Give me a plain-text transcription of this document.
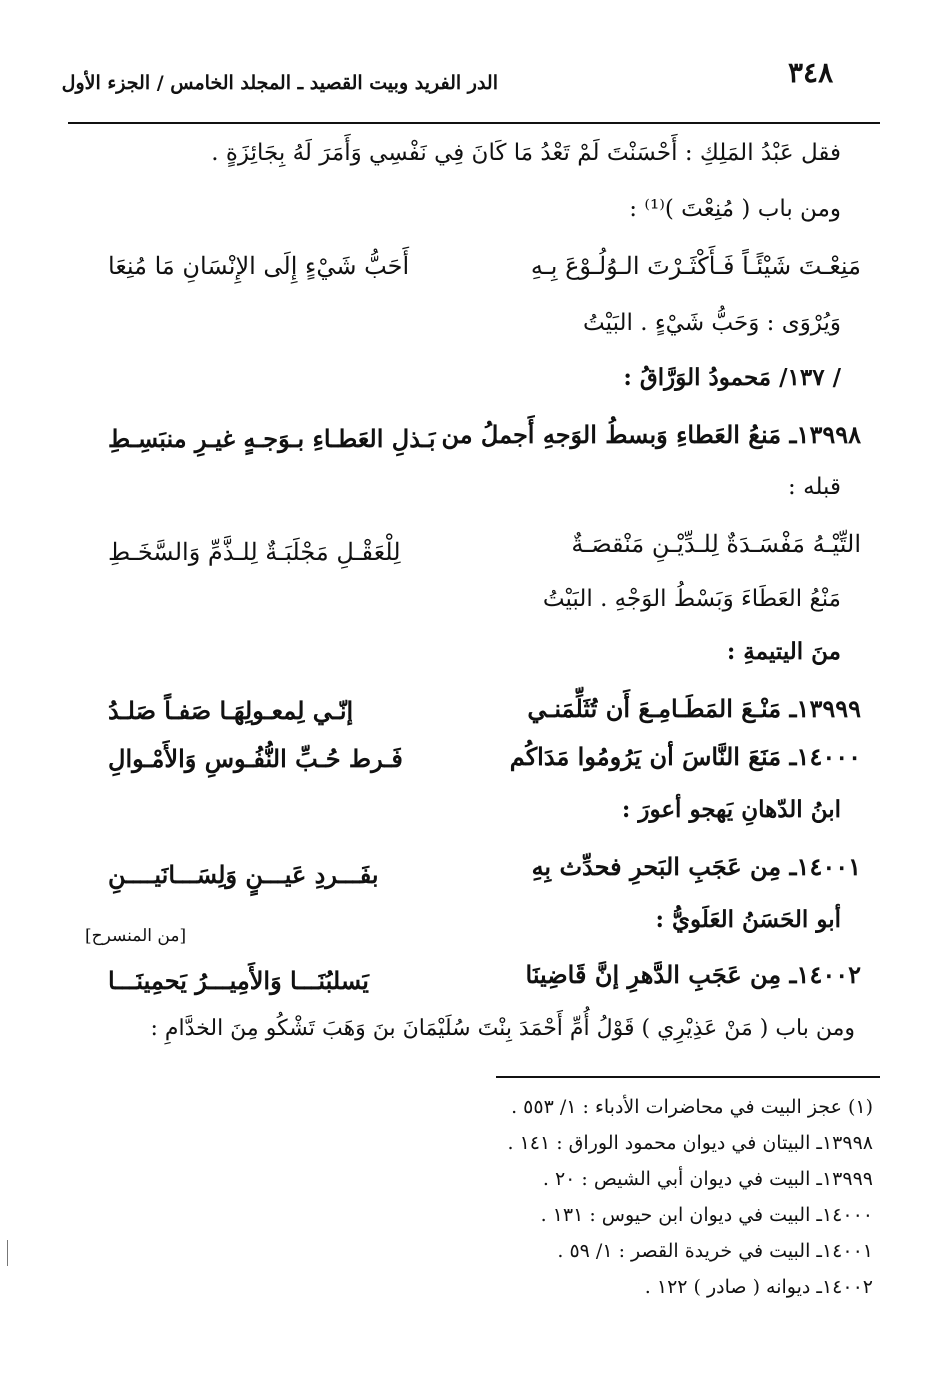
٣٤٨
الدر الفريد وبيت القصيد ـ المجلد الخامس / الجزء الأول
فقل عَبْدُ المَلِكِ : أَحْسَنْتَ لَمْ تَعْدُ مَا كَانَ فِي نَفْسِي وَأَمَرَ لَهُ بِجَائِزَةٍ .
ومن باب ( مُنِعْتَ )⁽¹⁾ :
مَنِعْـتَ شَيْئًـاً فَـأَكْثَـرْتَ الـوُلُـوْعَ بِـهِ
أَحَبُّ شَيْءٍ إِلَى الإِنْسَانِ مَا مُنِعَا
وَيُرْوَى : وَحَبُّ شَيْءٍ . البَيْتُ
/ ١٣٧/ مَحمودُ الوَرَّاقُ :
١٣٩٩٨ـ مَنعُ العَطاءِ وَبسطُ الوَجهِ أَجملُ من
بَـذلِ العَطـاءِ بـوَجـهٍ غيـرِ منبَسِـطِ
قبله :
التِّيْـهُ مَفْسَـدَةٌ لِلـدِّيْـنِ مَنْقصَـةٌ
لِلْعَقْـلِ مَجْلَبَـةٌ لِلـذَّمِّ وَالسَّخَـطِ
مَنْعُ العَطَاءَ وَبَسْطُ الوَجْهِ . البَيْتُ
منَ اليتيمةِ :
١٣٩٩٩ـ مَنْـعَ المَطَـامِـعَ أَن تُثَلِّمَنـي
إنّـي لِمعـولِهَـا صَفـاً صَلـدُ
١٤٠٠٠ـ مَنَعَ النَّاسَ أن يَرُومُوا مَدَاكُم
فَـرط حُـبِّ النُّفُـوسِ وَالأَمْـوالِ
ابنُ الدّهانِ يَهجو أعورَ :
١٤٠٠١ـ مِن عَجَبِ البَحرِ فحدِّث بِهِ
بفَـــردِ عَيـــنٍ وَلِسَـــانَيــــنِ
أبو الحَسَنُ العَلَويُّ :
[من المنسرح]
١٤٠٠٢ـ مِن عَجَبِ الدَّهرِ إنَّ قَاضِينَا
يَسلبُنَـــا وَالأَمِيـــرُ يَحمِينَـــا
ومن باب ( مَنْ عَذِيْرِي ) قَوْلُ أُمِّ أَحْمَدَ بِنْتَ سُلَيْمَانَ بنَ وَهَبَ تَشْكُو مِنَ الخدَّامِ :
(١) عجز البيت في محاضرات الأدباء : ١/ ٥٥٣ .
١٣٩٩٨ـ البيتان في ديوان محمود الوراق : ١٤١ .
١٣٩٩٩ـ البيت في ديوان أبي الشيص : ٢٠ .
١٤٠٠٠ـ البيت في ديوان ابن حيوس : ١٣١ .
١٤٠٠١ـ البيت في خريدة القصر : ١/ ٥٩ .
١٤٠٠٢ـ ديوانه ( صادر ) ١٢٢ .
